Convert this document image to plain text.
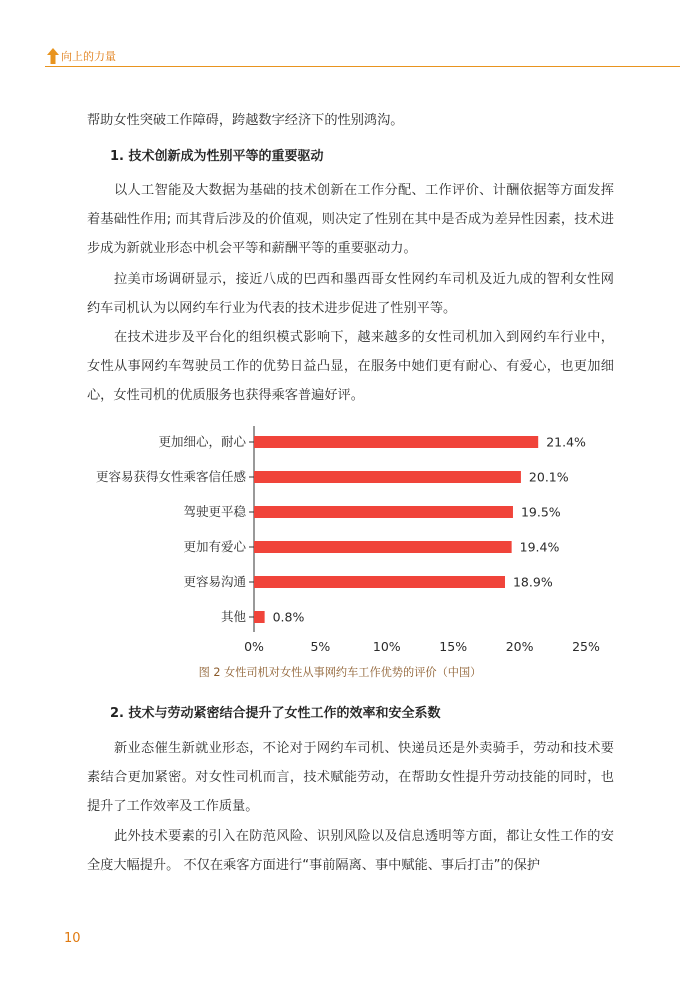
向上的力量

帮助女性突破工作障碍，跨越数字经济下的性别鸿沟。

1. 技术创新成为性别平等的重要驱动

以人工智能及大数据为基础的技术创新在工作分配、工作评价、计酬依据等方面发挥着基础性作用; 而其背后涉及的价值观，则决定了性别在其中是否成为差异性因素，技术进步成为新就业形态中机会平等和薪酬平等的重要驱动力。

拉美市场调研显示，接近八成的巴西和墨西哥女性网约车司机及近九成的智利女性网约车司机认为以网约车行业为代表的技术进步促进了性别平等。

在技术进步及平台化的组织模式影响下，越来越多的女性司机加入到网约车行业中，女性从事网约车驾驶员工作的优势日益凸显，在服务中她们更有耐心、有爱心，也更加细心，女性司机的优质服务也获得乘客普遍好评。

更加细心，耐心	21.4%
更容易获得女性乘客信任感	20.1%
驾驶更平稳	19.5%
更加有爱心	19.4%
更容易沟通	18.9%
其他 0.8%
0%	5%	10%	15%	20%	25%
图 2 女性司机对女性从事网约车工作优势的评价（中国）

2. 技术与劳动紧密结合提升了女性工作的效率和安全系数

新业态催生新就业形态，不论对于网约车司机、快递员还是外卖骑手，劳动和技术要素结合更加紧密。对女性司机而言，技术赋能劳动，在帮助女性提升劳动技能的同时，也提升了工作效率及工作质量。

此外技术要素的引入在防范风险、识别风险以及信息透明等方面，都让女性工作的安全度大幅提升。 不仅在乘客方面进行“事前隔离、事中赋能、事后打击”的保护

10
